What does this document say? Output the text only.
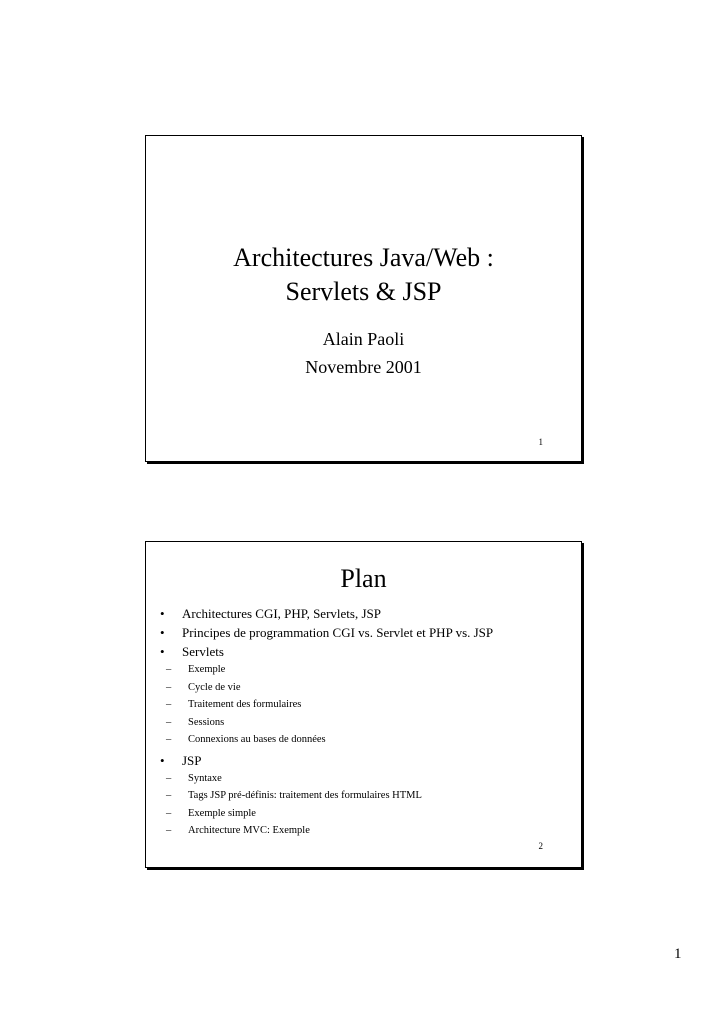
Architectures Java/Web :
Servlets & JSP
Alain Paoli
Novembre 2001
1
Plan
• Architectures CGI, PHP, Servlets, JSP
• Principes de programmation CGI vs. Servlet et PHP vs. JSP
• Servlets
– Exemple
– Cycle de vie
– Traitement des formulaires
– Sessions
– Connexions au bases de données
• JSP
– Syntaxe
– Tags JSP pré-définis: traitement des formulaires HTML
– Exemple simple
– Architecture MVC: Exemple
2
1
